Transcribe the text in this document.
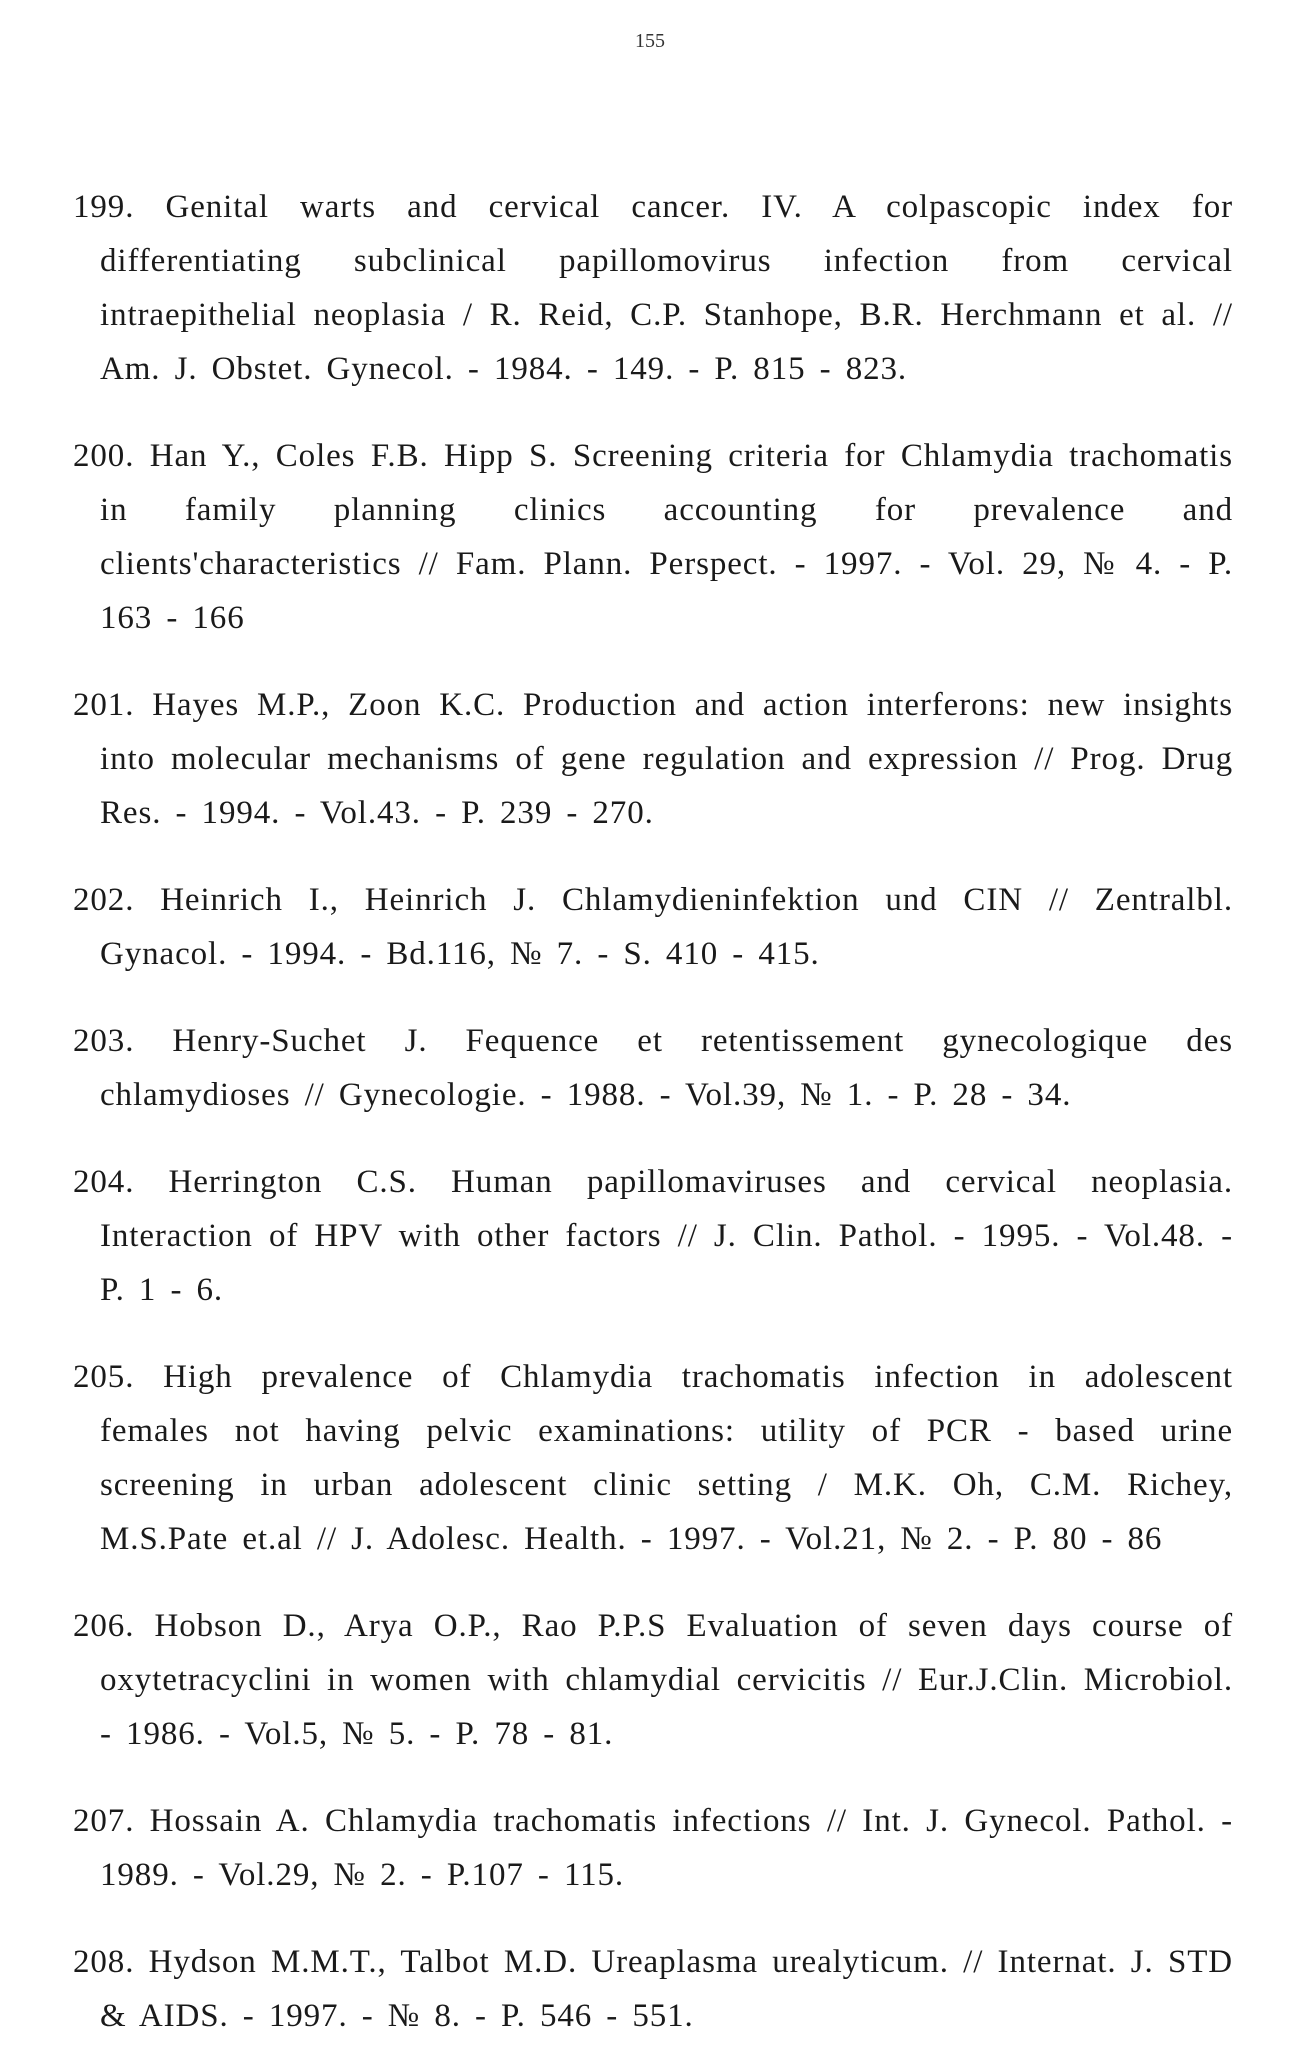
155

199. Genital warts and cervical cancer. IV. A colpascopic index for differentiating subclinical papillomovirus infection from cervical intraepithelial neoplasia / R. Reid, C.P. Stanhope, B.R. Herchmann et al. // Am. J. Obstet. Gynecol. - 1984. - 149. - P. 815 - 823.

200. Han Y., Coles F.B. Hipp S. Screening criteria for Chlamydia trachomatis in family planning clinics accounting for prevalence and clients'characteristics // Fam. Plann. Perspect. - 1997. - Vol. 29, № 4. - P. 163 - 166

201. Hayes M.P., Zoon K.C. Production and action interferons: new insights into molecular mechanisms of gene regulation and expression // Prog. Drug Res. - 1994. - Vol.43. - P. 239 - 270.

202. Heinrich I., Heinrich J. Chlamydieninfektion und CIN // Zentralbl. Gynacol. - 1994. - Bd.116, № 7. - S. 410 - 415.

203. Henry-Suchet J. Fequence et retentissement gynecologique des chlamydioses // Gynecologie. - 1988. - Vol.39, № 1. - P. 28 - 34.

204. Herrington C.S. Human papillomaviruses and cervical neoplasia. Interaction of HPV with other factors // J. Clin. Pathol. - 1995. - Vol.48. - P. 1 - 6.

205. High prevalence of Chlamydia trachomatis infection in adolescent females not having pelvic examinations: utility of PCR - based urine screening in urban adolescent clinic setting / M.K. Oh, C.M. Richey, M.S.Pate et.al // J. Adolesc. Health. - 1997. - Vol.21, № 2. - P. 80 - 86

206. Hobson D., Arya O.P., Rao P.P.S Evaluation of seven days course of oxytetracyclini in women with chlamydial cervicitis // Eur.J.Clin. Microbiol. - 1986. - Vol.5, № 5. - P. 78 - 81.

207. Hossain A. Chlamydia trachomatis infections // Int. J. Gynecol. Pathol. - 1989. - Vol.29, № 2. - P.107 - 115.

208. Hydson M.M.T., Talbot M.D. Ureaplasma urealyticum. // Internat. J. STD & AIDS. - 1997. - № 8. - P. 546 - 551.
